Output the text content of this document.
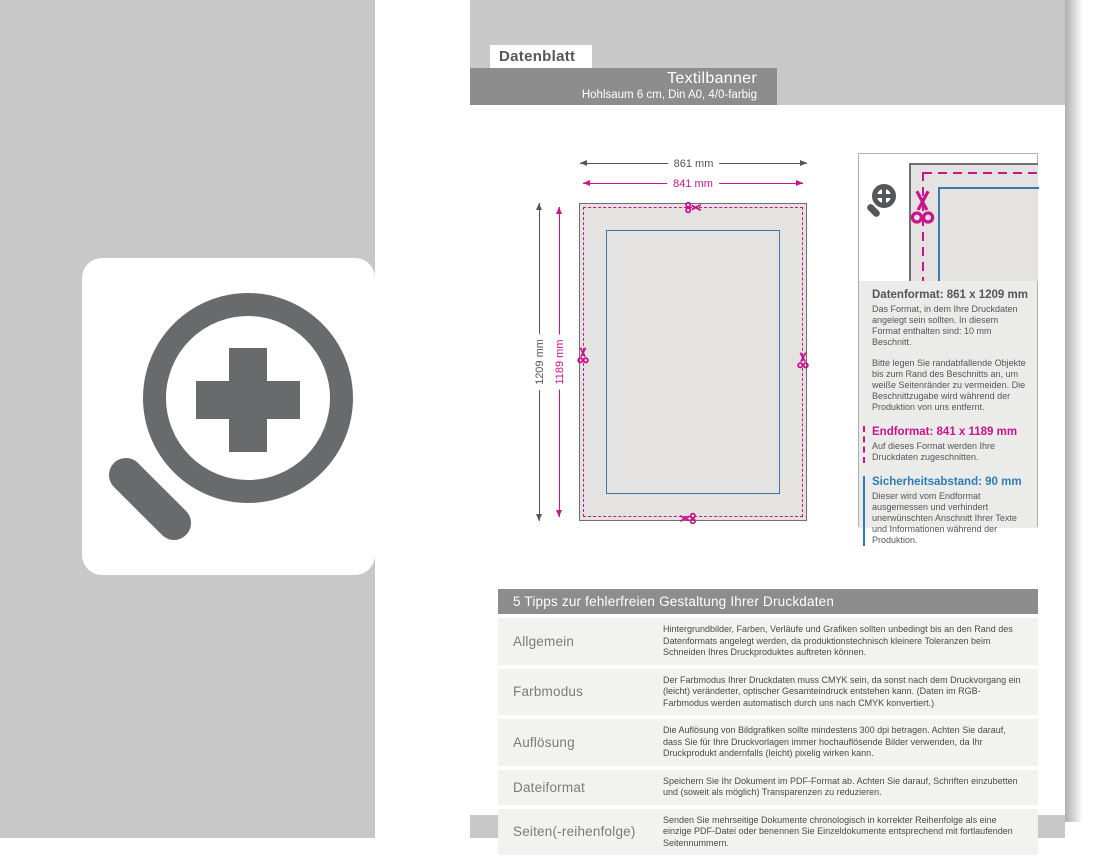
Datenblatt
Textilbanner
Hohlsaum 6 cm, Din A0, 4/0-farbig
861 mm
841 mm
1209 mm 1189 mm
Datenformat: 861 x 1209 mm

Das Format, in dem Ihre Druckdaten angelegt sein sollten. In diesem Format enthalten sind: 10 mm Beschnitt.

Bitte legen Sie randabfallende Objekte bis zum Rand des Beschnitts an, um weiße Seitenränder zu vermeiden. Die Beschnittzugabe wird während der Produktion von uns entfernt.

Endformat: 841 x 1189 mm

Auf dieses Format werden Ihre Druckdaten zugeschnitten.

Sicherheitsabstand: 90 mm

Dieser wird vom Endformat ausgemessen und verhindert unerwünschten Anschnitt Ihrer Texte und Informationen während der Produktion.

5 Tipps zur fehlerfreien Gestaltung Ihrer Druckdaten
Allgemein
Hintergrundbilder, Farben, Verläufe und Grafiken sollten unbedingt bis an den Rand des Datenformats angelegt werden, da produktionstechnisch kleinere Toleranzen beim Schneiden Ihres Druckproduktes auftreten können.
Farbmodus
Der Farbmodus Ihrer Druckdaten muss CMYK sein, da sonst nach dem Druckvorgang ein (leicht) veränderter, optischer Gesamteindruck entstehen kann. (Daten im RGB-Farbmodus werden automatisch durch uns nach CMYK konvertiert.)
Auflösung
Die Auflösung von Bildgrafiken sollte mindestens 300 dpi betragen. Achten Sie darauf, dass Sie für Ihre Druckvorlagen immer hochauflösende Bilder verwenden, da Ihr Druckprodukt andernfalls (leicht) pixelig wirken kann.
Dateiformat	Speichern Sie Ihr Dokument im PDF-Format ab. Achten Sie darauf, Schriften einzubetten und (soweit als möglich) Transparenzen zu reduzieren.
Seiten(-reihenfolge)
Senden Sie mehrseitige Dokumente chronologisch in korrekter Reihenfolge als eine einzige PDF-Datei oder benennen Sie Einzeldokumente entsprechend mit fortlaufenden Seitennummern.
